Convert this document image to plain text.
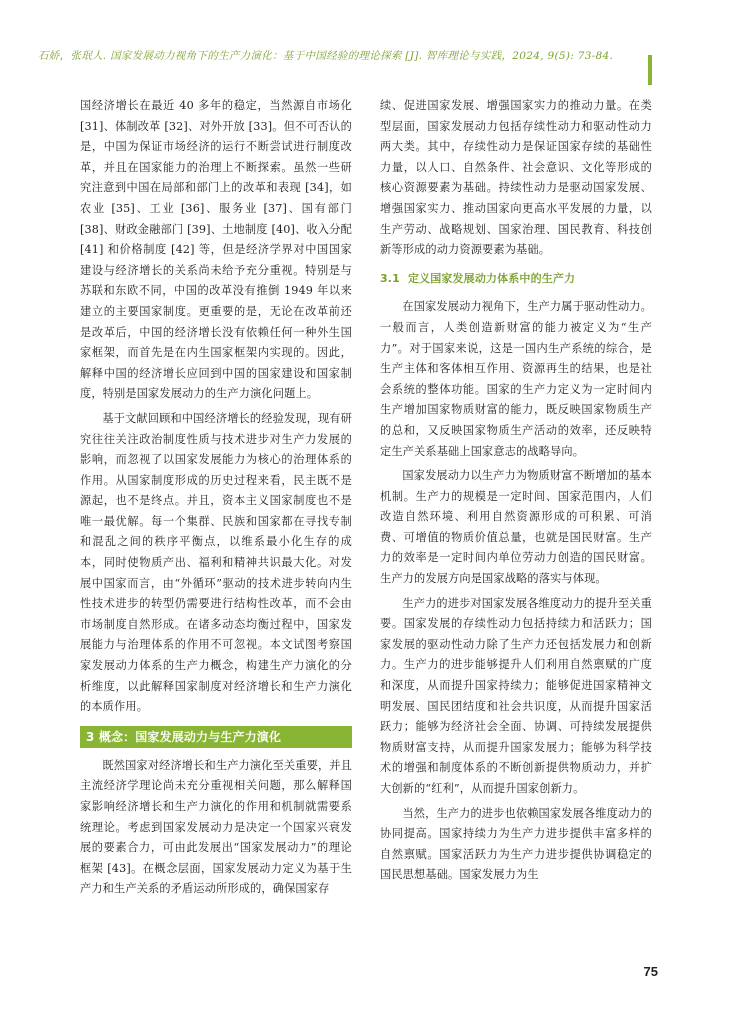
石娇，张珉人. 国家发展动力视角下的生产力演化：基于中国经验的理论探索 [J]. 智库理论与实践，2024, 9(5): 73-84.

国经济增长在最近 40 多年的稳定，当然源自市场化 [31]、体制改革 [32]、对外开放 [33]。但不可否认的是，中国为保证市场经济的运行不断尝试进行制度改革，并且在国家能力的治理上不断探索。虽然一些研究注意到中国在局部和部门上的改革和表现 [34]，如农业 [35]、工业 [36]、服务业 [37]、国有部门 [38]、财政金融部门 [39]、土地制度 [40]、收入分配 [41] 和价格制度 [42] 等，但是经济学界对中国国家建设与经济增长的关系尚未给予充分重视。特别是与苏联和东欧不同，中国的改革没有推倒 1949 年以来建立的主要国家制度。更重要的是，无论在改革前还是改革后，中国的经济增长没有依赖任何一种外生国家框架，而首先是在内生国家框架内实现的。因此，解释中国的经济增长应回到中国的国家建设和国家制度，特别是国家发展动力的生产力演化问题上。

基于文献回顾和中国经济增长的经验发现，现有研究往往关注政治制度性质与技术进步对生产力发展的影响，而忽视了以国家发展能力为核心的治理体系的作用。从国家制度形成的历史过程来看，民主既不是源起，也不是终点。并且，资本主义国家制度也不是唯一最优解。每一个集群、民族和国家都在寻找专制和混乱之间的秩序平衡点，以维系最小化生存的成本，同时使物质产出、福利和精神共识最大化。对发展中国家而言，由“外循环”驱动的技术进步转向内生性技术进步的转型仍需要进行结构性改革，而不会由市场制度自然形成。在诸多动态均衡过程中，国家发展能力与治理体系的作用不可忽视。本文试图考察国家发展动力体系的生产力概念，构建生产力演化的分析维度，以此解释国家制度对经济增长和生产力演化的本质作用。

3 概念：国家发展动力与生产力演化

既然国家对经济增长和生产力演化至关重要，并且主流经济学理论尚未充分重视相关问题，那么解释国家影响经济增长和生产力演化的作用和机制就需要系统理论。考虑到国家发展动力是决定一个国家兴衰发展的要素合力，可由此发展出“国家发展动力”的理论框架 [43]。在概念层面，国家发展动力定义为基于生产力和生产关系的矛盾运动所形成的，确保国家存

续、促进国家发展、增强国家实力的推动力量。在类型层面，国家发展动力包括存续性动力和驱动性动力两大类。其中，存续性动力是保证国家存续的基础性力量，以人口、自然条件、社会意识、文化等形成的核心资源要素为基础。持续性动力是驱动国家发展、增强国家实力、推动国家向更高水平发展的力量，以生产劳动、战略规划、国家治理、国民教育、科技创新等形成的动力资源要素为基础。

3.1 定义国家发展动力体系中的生产力

在国家发展动力视角下，生产力属于驱动性动力。一般而言，人类创造新财富的能力被定义为“生产力”。对于国家来说，这是一国内生产系统的综合，是生产主体和客体相互作用、资源再生的结果，也是社会系统的整体功能。国家的生产力定义为一定时间内生产增加国家物质财富的能力，既反映国家物质生产的总和，又反映国家物质生产活动的效率，还反映特定生产关系基础上国家意志的战略导向。

国家发展动力以生产力为物质财富不断增加的基本机制。生产力的规模是一定时间、国家范围内，人们改造自然环境、利用自然资源形成的可积累、可消费、可增值的物质价值总量，也就是国民财富。生产力的效率是一定时间内单位劳动力创造的国民财富。生产力的发展方向是国家战略的落实与体现。

生产力的进步对国家发展各维度动力的提升至关重要。国家发展的存续性动力包括持续力和活跃力；国家发展的驱动性动力除了生产力还包括发展力和创新力。生产力的进步能够提升人们利用自然禀赋的广度和深度，从而提升国家持续力；能够促进国家精神文明发展、国民团结度和社会共识度，从而提升国家活跃力；能够为经济社会全面、协调、可持续发展提供物质财富支持，从而提升国家发展力；能够为科学技术的增强和制度体系的不断创新提供物质动力，并扩大创新的“红利”，从而提升国家创新力。

当然，生产力的进步也依赖国家发展各维度动力的协同提高。国家持续力为生产力进步提供丰富多样的自然禀赋。国家活跃力为生产力进步提供协调稳定的国民思想基础。国家发展力为生

75
